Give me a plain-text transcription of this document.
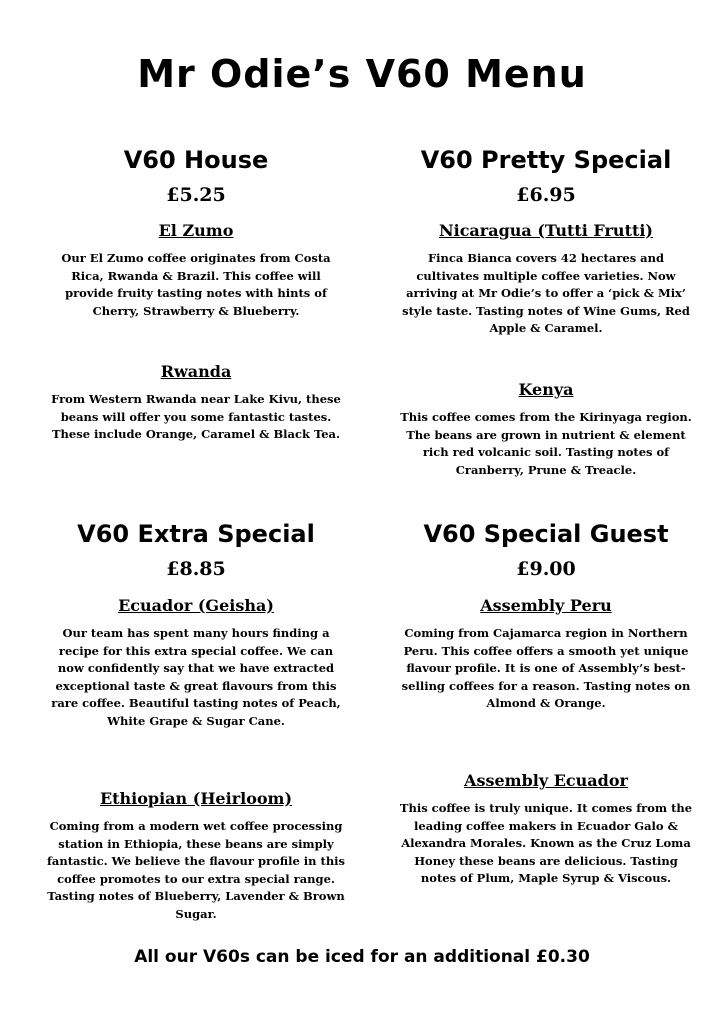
Mr Odie’s V60 Menu
V60 House
£5.25
El Zumo
Our El Zumo coffee originates from Costa Rica, Rwanda & Brazil. This coffee will provide fruity tasting notes with hints of Cherry, Strawberry & Blueberry.
Rwanda
From Western Rwanda near Lake Kivu, these beans will offer you some fantastic tastes. These include Orange, Caramel & Black Tea.
V60 Pretty Special
£6.95
Nicaragua (Tutti Frutti)
Finca Bianca covers 42 hectares and cultivates multiple coffee varieties. Now arriving at Mr Odie’s to offer a ‘pick & Mix’ style taste. Tasting notes of Wine Gums, Red Apple & Caramel.
Kenya
This coffee comes from the Kirinyaga region. The beans are grown in nutrient & element rich red volcanic soil. Tasting notes of Cranberry, Prune & Treacle.
V60 Extra Special
£8.85
Ecuador (Geisha)
Our team has spent many hours finding a recipe for this extra special coffee. We can now confidently say that we have extracted exceptional taste & great flavours from this rare coffee. Beautiful tasting notes of Peach, White Grape & Sugar Cane.
Ethiopian (Heirloom)
Coming from a modern wet coffee processing station in Ethiopia, these beans are simply fantastic. We believe the flavour profile in this coffee promotes to our extra special range. Tasting notes of Blueberry, Lavender & Brown Sugar.
V60 Special Guest
£9.00
Assembly Peru
Coming from Cajamarca region in Northern Peru. This coffee offers a smooth yet unique flavour profile. It is one of Assembly’s best-selling coffees for a reason. Tasting notes on Almond & Orange.
Assembly Ecuador
This coffee is truly unique. It comes from the leading coffee makers in Ecuador Galo & Alexandra Morales. Known as the Cruz Loma Honey these beans are delicious. Tasting notes of Plum, Maple Syrup & Viscous.
All our V60s can be iced for an additional £0.30
